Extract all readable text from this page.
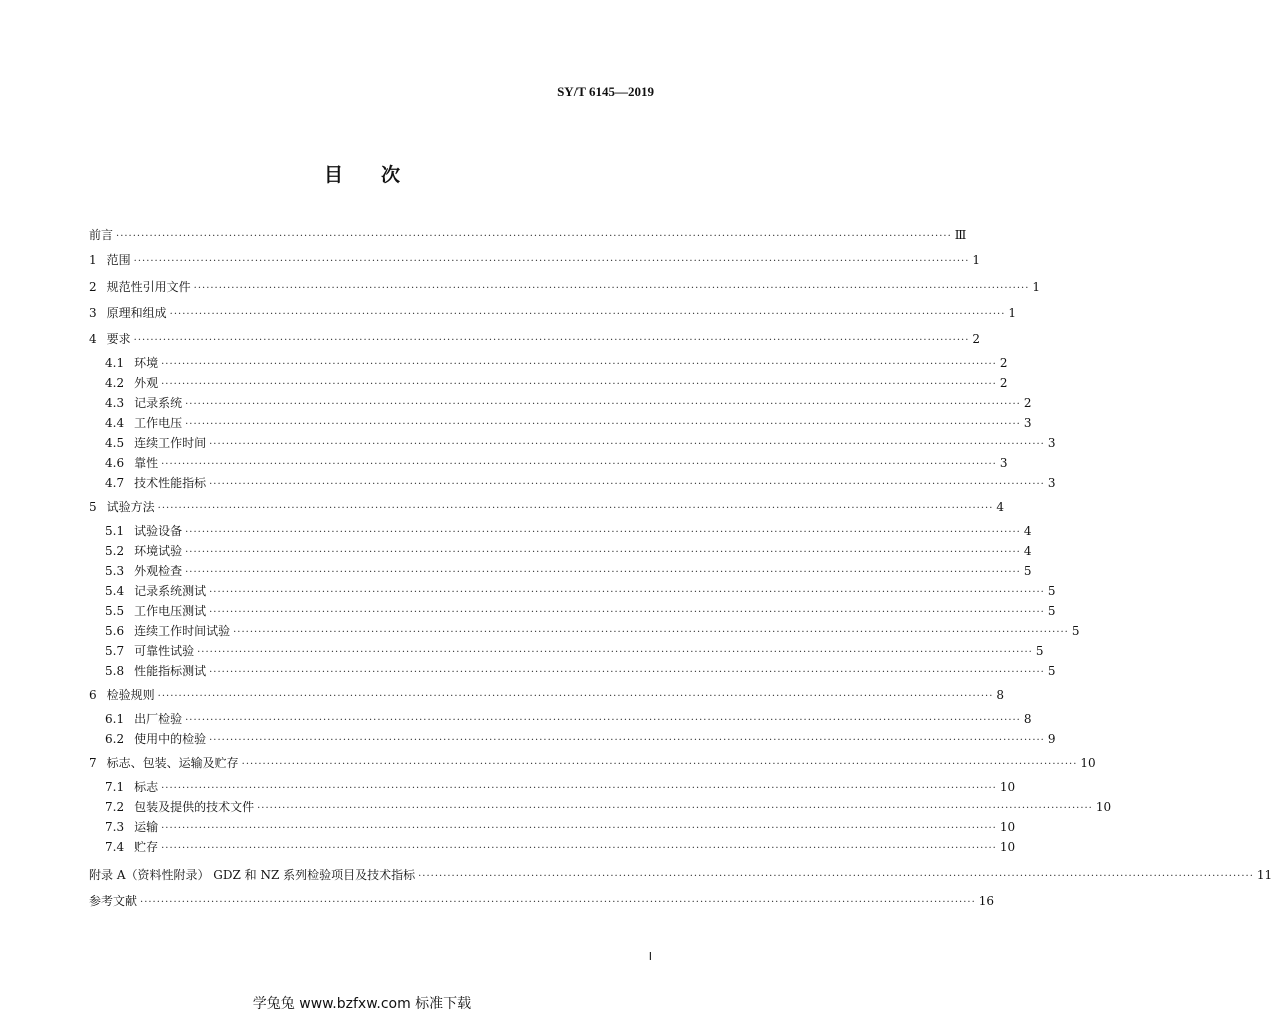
SY/T 6145—2019
目次
前言 ········································································································································································································ Ⅲ
1 范围 ········································································································································································································ 1
2 规范性引用文件 ········································································································································································································ 1
3 原理和组成 ········································································································································································································ 1
4 要求 ········································································································································································································ 2
4.1 环境 ········································································································································································································ 2
4.2 外观 ········································································································································································································ 2
4.3 记录系统 ········································································································································································································ 2
4.4 工作电压 ········································································································································································································ 3
4.5 连续工作时间 ········································································································································································································ 3
4.6 靠性 ········································································································································································································ 3
4.7 技术性能指标 ········································································································································································································ 3
5 试验方法 ········································································································································································································ 4
5.1 试验设备 ········································································································································································································ 4
5.2 环境试验 ········································································································································································································ 4
5.3 外观检查 ········································································································································································································ 5
5.4 记录系统测试 ········································································································································································································ 5
5.5 工作电压测试 ········································································································································································································ 5
5.6 连续工作时间试验 ········································································································································································································ 5
5.7 可靠性试验 ········································································································································································································ 5
5.8 性能指标测试 ········································································································································································································ 5
6 检验规则 ········································································································································································································ 8
6.1 出厂检验 ········································································································································································································ 8
6.2 使用中的检验 ········································································································································································································ 9
7 标志、包装、运输及贮存 ········································································································································································································ 10
7.1 标志 ········································································································································································································ 10
7.2 包装及提供的技术文件 ········································································································································································································ 10
7.3 运输 ········································································································································································································ 10
7.4 贮存 ········································································································································································································ 10
附录 A（资料性附录） GDZ 和 NZ 系列检验项目及技术指标 ········································································································································································································ 11
参考文献 ········································································································································································································ 16
Ⅰ
学兔兔 www.bzfxw.com 标准下载
